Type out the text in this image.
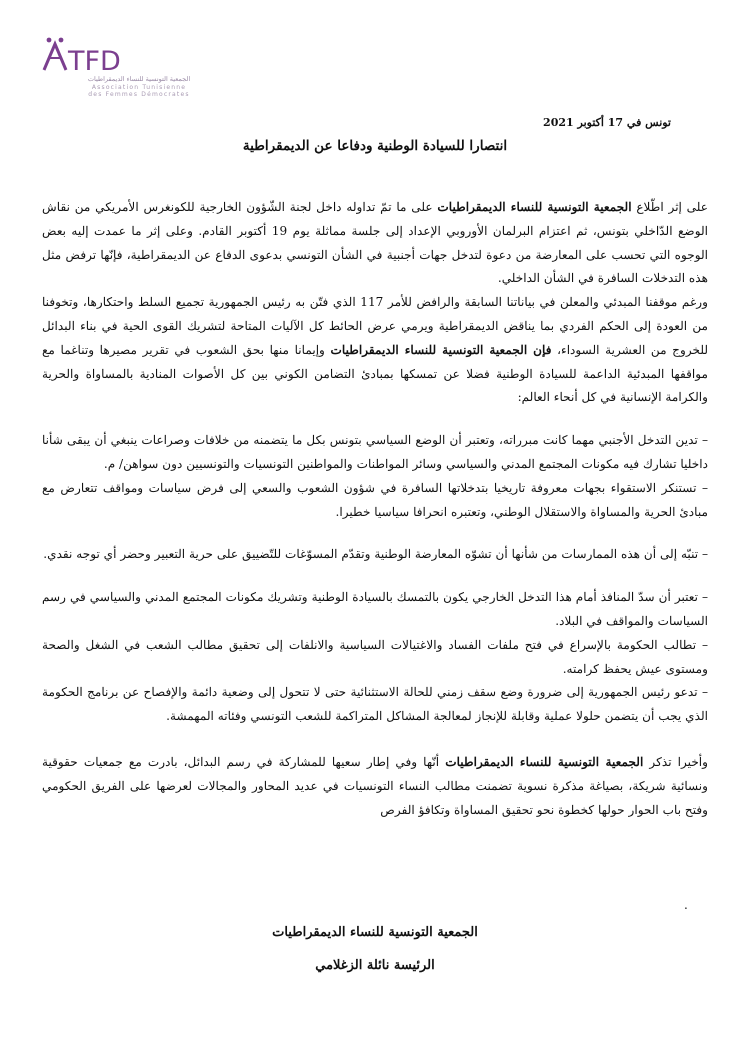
TFD
الجمعية التونسية للنساء الديمقراطيات
Association Tunisienne des Femmes Démocrates
تونس في 17 أكتوبر 2021
انتصارا للسيادة الوطنية ودفاعا عن الديمقراطية

على إثر اطّلاع الجمعية التونسية للنساء الديمقراطيات على ما تمّ تداوله داخل لجنة الشّؤون الخارجية للكونغرس الأمريكي من نقاش الوضع الدّاخلي بتونس، ثم اعتزام البرلمان الأوروبي الإعداد إلى جلسة مماثلة يوم 19 أكتوبر القادم. وعلى إثر ما عمدت إليه بعض الوجوه التي تحسب على المعارضة من دعوة لتدخل جهات أجنبية في الشأن التونسي بدعوى الدفاع عن الديمقراطية، فإنّها ترفض مثل هذه التدخلات السافرة في الشأن الداخلي.

ورغم موقفنا المبدئي والمعلن في بياناتنا السابقة والرافض للأمر 117 الذي فتّن به رئيس الجمهورية تجميع السلط واحتكارها، وتخوفنا من العودة إلى الحكم الفردي بما يناقض الديمقراطية ويرمي عرض الحائط كل الآليات المتاحة لتشريك القوى الحية في بناء البدائل للخروج من العشرية السوداء، فإن الجمعية التونسية للنساء الديمقراطيات وإيمانا منها بحق الشعوب في تقرير مصيرها وتناغما مع مواقفها المبدئية الداعمة للسيادة الوطنية فضلا عن تمسكها بمبادئ التضامن الكوني بين كل الأصوات المنادية بالمساواة والحرية والكرامة الإنسانية في كل أنحاء العالم:

– تدين التدخل الأجنبي مهما كانت مبرراته، وتعتبر أن الوضع السياسي بتونس بكل ما يتضمنه من خلافات وصراعات ينبغي أن يبقى شأنا داخليا تشارك فيه مكونات المجتمع المدني والسياسي وسائر المواطنات والمواطنين التونسيات والتونسيين دون سواهن/ م.

– تستنكر الاستقواء بجهات معروفة تاريخيا بتدخلاتها السافرة في شؤون الشعوب والسعي إلى فرض سياسات ومواقف تتعارض مع مبادئ الحرية والمساواة والاستقلال الوطني، وتعتبره انحرافا سياسيا خطيرا.

– تنبّه إلى أن هذه الممارسات من شأنها أن تشوّه المعارضة الوطنية وتقدّم المسوّغات للتّضييق على حرية التعبير وحضر أي توجه نقدي.

– تعتبر أن سدّ المنافذ أمام هذا التدخل الخارجي يكون بالتمسك بالسيادة الوطنية وتشريك مكونات المجتمع المدني والسياسي في رسم السياسات والمواقف في البلاد.

– تطالب الحكومة بالإسراع في فتح ملفات الفساد والاغتيالات السياسية والانلفات إلى تحقيق مطالب الشعب في الشغل والصحة ومستوى عيش يحفظ كرامته.

– تدعو رئيس الجمهورية إلى ضرورة وضع سقف زمني للحالة الاستثنائية حتى لا تتحول إلى وضعية دائمة والإفصاح عن برنامج الحكومة الذي يجب أن يتضمن حلولا عملية وقابلة للإنجاز لمعالجة المشاكل المتراكمة للشعب التونسي وفئاته المهمشة.

وأخيرا تذكر الجمعية التونسية للنساء الديمقراطيات أنّها وفي إطار سعيها للمشاركة في رسم البدائل، بادرت مع جمعيات حقوقية ونسائية شريكة، بصياغة مذكرة نسوية تضمنت مطالب النساء التونسيات في عديد المحاور والمجالات لعرضها على الفريق الحكومي وفتح باب الحوار حولها كخطوة نحو تحقيق المساواة وتكافؤ الفرص

.
الجمعية التونسية للنساء الديمقراطيات
الرئيسة نائلة الزغلامي
